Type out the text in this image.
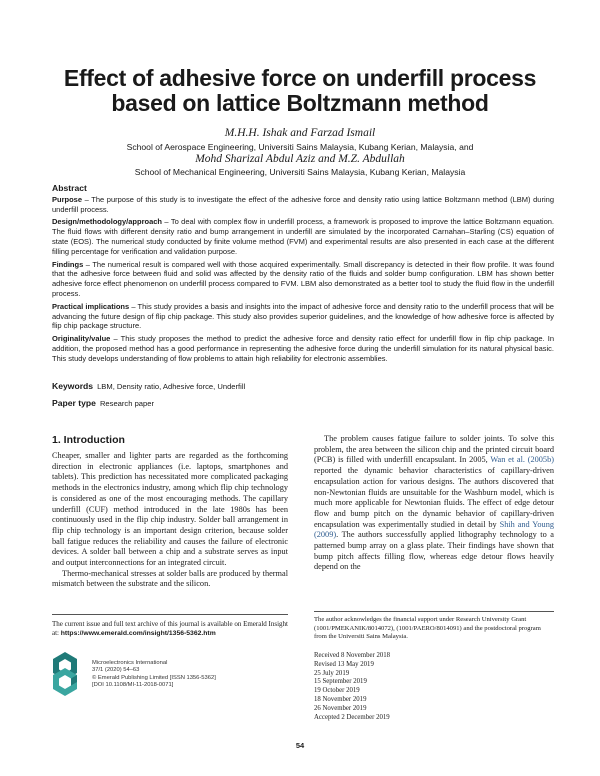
Effect of adhesive force on underfill process based on lattice Boltzmann method
M.H.H. Ishak and Farzad Ismail
School of Aerospace Engineering, Universiti Sains Malaysia, Kubang Kerian, Malaysia, and
Mohd Sharizal Abdul Aziz and M.Z. Abdullah
School of Mechanical Engineering, Universiti Sains Malaysia, Kubang Kerian, Malaysia
Abstract

Purpose – The purpose of this study is to investigate the effect of the adhesive force and density ratio using lattice Boltzmann method (LBM) during underfill process.

Design/methodology/approach – To deal with complex flow in underfill process, a framework is proposed to improve the lattice Boltzmann equation. The fluid flows with different density ratio and bump arrangement in underfill are simulated by the incorporated Carnahan–Starling (CS) equation of state (EOS). The numerical study conducted by finite volume method (FVM) and experimental results are also presented in each case at the different filling percentage for verification and validation purpose.

Findings – The numerical result is compared well with those acquired experimentally. Small discrepancy is detected in their flow profile. It was found that the adhesive force between fluid and solid was affected by the density ratio of the fluids and solder bump configuration. LBM has shown better adhesive force effect phenomenon on underfill process compared to FVM. LBM also demonstrated as a better tool to study the fluid flow in the underfill process.

Practical implications – This study provides a basis and insights into the impact of adhesive force and density ratio to the underfill process that will be advancing the future design of flip chip package. This study also provides superior guidelines, and the knowledge of how adhesive force is affected by flip chip package structure.

Originality/value – This study proposes the method to predict the adhesive force and density ratio effect for underfill flow in flip chip package. In addition, the proposed method has a good performance in representing the adhesive force during the underfill simulation for its natural physical basic. This study develops understanding of flow problems to attain high reliability for electronic assemblies.

Keywords LBM, Density ratio, Adhesive force, Underfill
Paper type Research paper
1. Introduction

Cheaper, smaller and lighter parts are regarded as the forthcoming direction in electronic appliances (i.e. laptops, smartphones and tablets). This prediction has necessitated more complicated packaging methods in the electronics industry, among which flip chip technology is considered as one of the most encouraging methods. The capillary underfill (CUF) method introduced in the late 1980s has been continuously used in the flip chip industry. Solder ball arrangement in flip chip technology is an important design criterion, because solder ball fatigue reduces the reliability and causes the failure of electronic devices. A solder ball between a chip and a substrate serves as input and output interconnections for an integrated circuit.

Thermo-mechanical stresses at solder balls are produced by thermal mismatch between the substrate and the silicon.

The problem causes fatigue failure to solder joints. To solve this problem, the area between the silicon chip and the printed circuit board (PCB) is filled with underfill encapsulant. In 2005, Wan et al. (2005b) reported the dynamic behavior characteristics of capillary-driven encapsulation action for various designs. The authors discovered that non-Newtonian fluids are unsuitable for the Washburn model, which is much more applicable for Newtonian fluids. The effect of edge detour flow and bump pitch on the dynamic behavior of capillary-driven encapsulation was experimentally studied in detail by Shih and Young (2009). The authors successfully applied lithography technology to a patterned bump array on a glass plate. Their findings have shown that bump pitch affects filling flow, whereas edge detour flows heavily depend on the

The current issue and full text archive of this journal is available on Emerald Insight at: https://www.emerald.com/insight/1356-5362.htm
Microelectronics International
37/1 (2020) 54–63
© Emerald Publishing Limited [ISSN 1356-5362]
[DOI 10.1108/MI-11-2018-0071]
The author acknowledges the financial support under Research University Grant (1001/PMEKANIK/8014072), (1001/PAERO/8014091) and the postdoctoral program from the Universiti Sains Malaysia.
Received 8 November 2018
Revised 13 May 2019
25 July 2019
15 September 2019
19 October 2019
18 November 2019
26 November 2019
Accepted 2 December 2019
54
